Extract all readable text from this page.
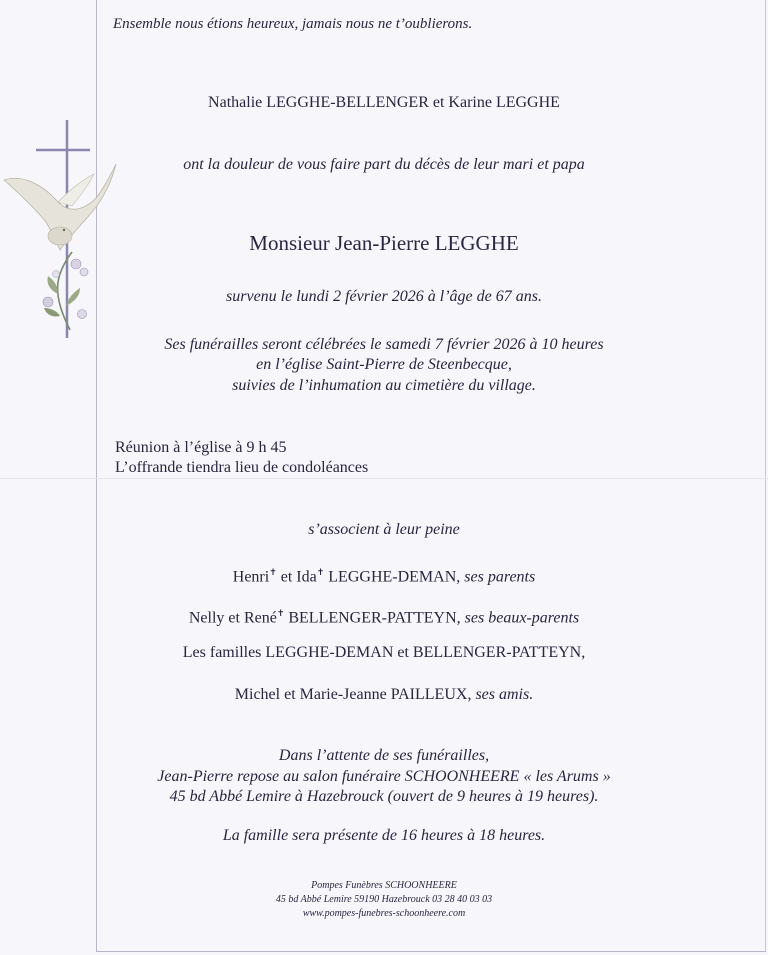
Ensemble nous étions heureux, jamais nous ne t’oublierons.
Nathalie LEGGHE-BELLENGER et Karine LEGGHE
ont la douleur de vous faire part du décès de leur mari et papa
Monsieur Jean-Pierre LEGGHE
survenu le lundi 2 février 2026 à l’âge de 67 ans.
Ses funérailles seront célébrées le samedi 7 février 2026 à 10 heures
en l’église Saint-Pierre de Steenbecque,
suivies de l’inhumation au cimetière du village.
Réunion à l’église à 9 h 45
L’offrande tiendra lieu de condoléances
s’associent à leur peine
Henri✝ et Ida✝ LEGGHE-DEMAN, ses parents
Nelly et René✝ BELLENGER-PATTEYN, ses beaux-parents
Les familles LEGGHE-DEMAN et BELLENGER-PATTEYN,
Michel et Marie-Jeanne PAILLEUX, ses amis.
Dans l’attente de ses funérailles,
Jean-Pierre repose au salon funéraire SCHOONHEERE « les Arums »
45 bd Abbé Lemire à Hazebrouck (ouvert de 9 heures à 19 heures).
La famille sera présente de 16 heures à 18 heures.
Pompes Funèbres SCHOONHEERE
45 bd Abbé Lemire 59190 Hazebrouck 03 28 40 03 03
www.pompes-funebres-schoonheere.com
